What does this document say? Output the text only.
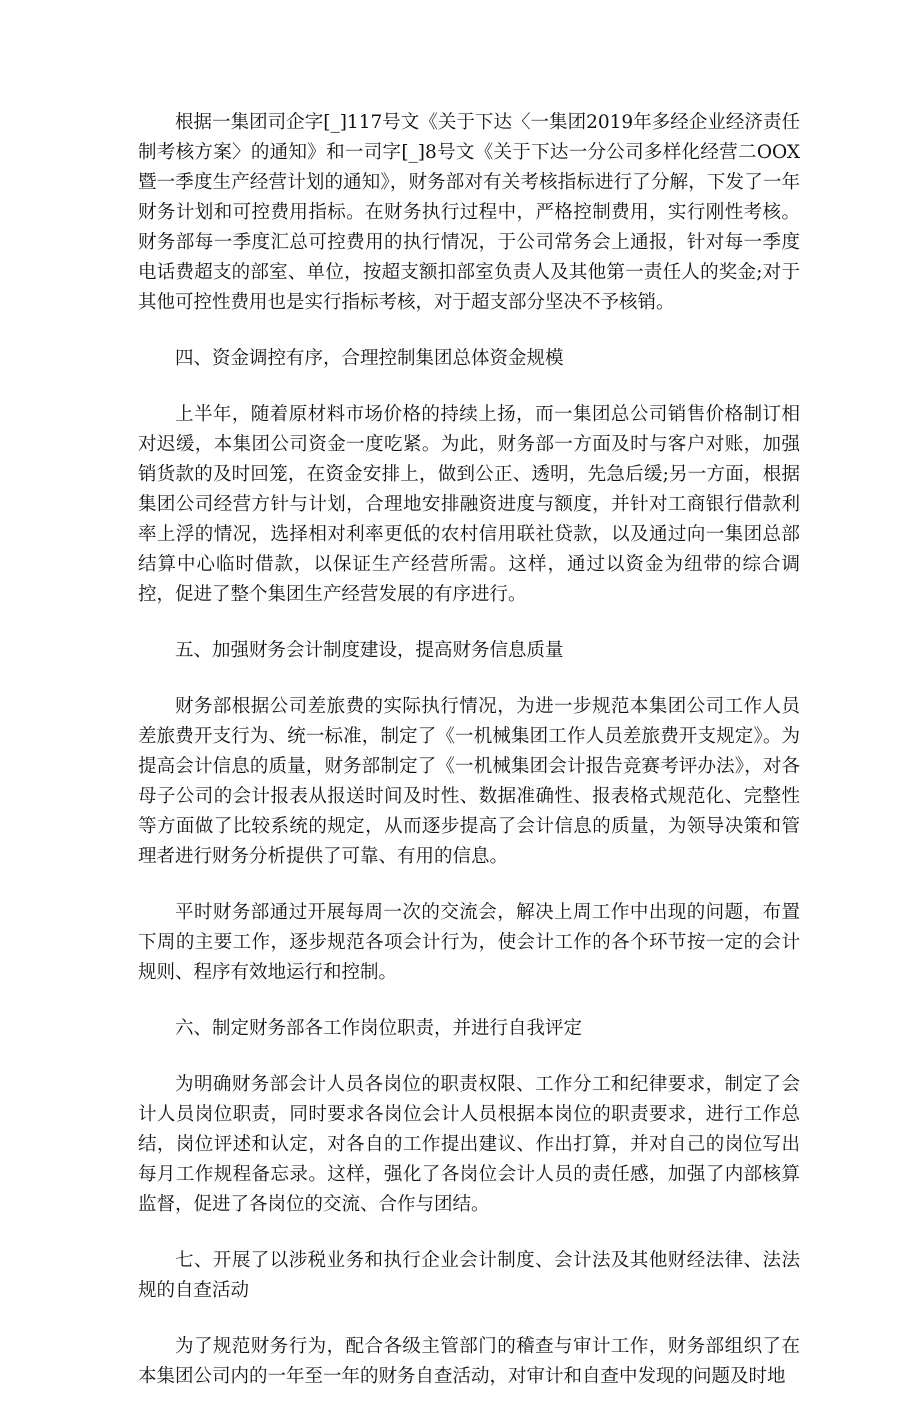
根据一集团司企字[_]117号文《关于下达〈一集团2019年多经企业经济责任制考核方案〉的通知》和一司字[_]8号文《关于下达一分公司多样化经营二OOX暨一季度生产经营计划的通知》，财务部对有关考核指标进行了分解，下发了一年财务计划和可控费用指标。在财务执行过程中，严格控制费用，实行刚性考核。财务部每一季度汇总可控费用的执行情况，于公司常务会上通报，针对每一季度电话费超支的部室、单位，按超支额扣部室负责人及其他第一责任人的奖金;对于其他可控性费用也是实行指标考核，对于超支部分坚决不予核销。

四、资金调控有序，合理控制集团总体资金规模

上半年，随着原材料市场价格的持续上扬，而一集团总公司销售价格制订相对迟缓，本集团公司资金一度吃紧。为此，财务部一方面及时与客户对账，加强销货款的及时回笼，在资金安排上，做到公正、透明，先急后缓;另一方面，根据集团公司经营方针与计划，合理地安排融资进度与额度，并针对工商银行借款利率上浮的情况，选择相对利率更低的农村信用联社贷款，以及通过向一集团总部结算中心临时借款，以保证生产经营所需。这样，通过以资金为纽带的综合调控，促进了整个集团生产经营发展的有序进行。

五、加强财务会计制度建设，提高财务信息质量

财务部根据公司差旅费的实际执行情况，为进一步规范本集团公司工作人员差旅费开支行为、统一标准，制定了《一机械集团工作人员差旅费开支规定》。为提高会计信息的质量，财务部制定了《一机械集团会计报告竞赛考评办法》，对各母子公司的会计报表从报送时间及时性、数据准确性、报表格式规范化、完整性等方面做了比较系统的规定，从而逐步提高了会计信息的质量，为领导决策和管理者进行财务分析提供了可靠、有用的信息。

平时财务部通过开展每周一次的交流会，解决上周工作中出现的问题，布置下周的主要工作，逐步规范各项会计行为，使会计工作的各个环节按一定的会计规则、程序有效地运行和控制。

六、制定财务部各工作岗位职责，并进行自我评定

为明确财务部会计人员各岗位的职责权限、工作分工和纪律要求，制定了会计人员岗位职责，同时要求各岗位会计人员根据本岗位的职责要求，进行工作总结，岗位评述和认定，对各自的工作提出建议、作出打算，并对自己的岗位写出每月工作规程备忘录。这样，强化了各岗位会计人员的责任感，加强了内部核算监督，促进了各岗位的交流、合作与团结。

七、开展了以涉税业务和执行企业会计制度、会计法及其他财经法律、法法规的自查活动

为了规范财务行为，配合各级主管部门的稽查与审计工作，财务部组织了在本集团公司内的一年至一年的财务自查活动，对审计和自查中发现的问题及时地
